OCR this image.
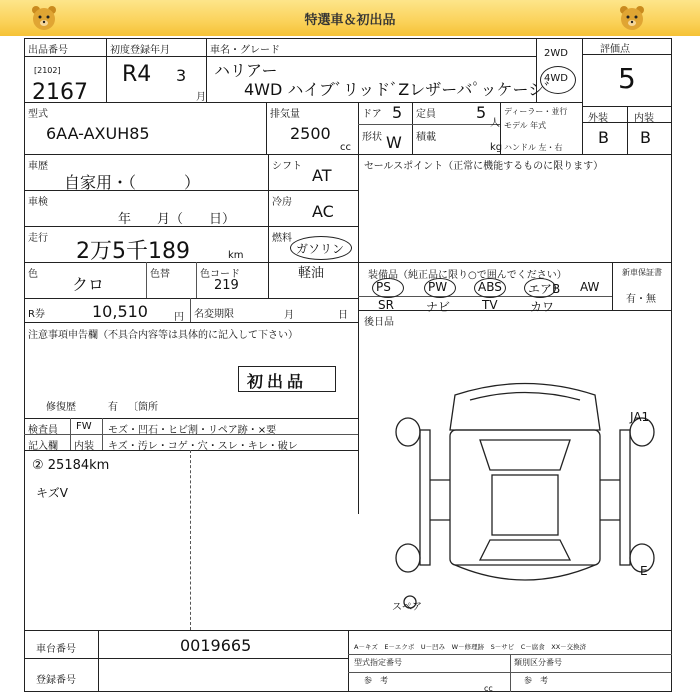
特選車＆初出品
出品番号
[2102]
2167
初度登録年月
R4 3
月
車名・グレード
ハリアー
4WD ハイブﾞリッドﾞZレザーバﾟッケーシﾞ
2WD
4WD
評価点
5
外装	内装
B B
型式
6AA-AXUH85
排気量
2500
cc
ドア 5 定員	5
人
形状 W 積載
kg
ディーラー・並行
モデル 年式
ハンドル 左・右
車歴
自家用・（　　　）
シフト AT
車検
年　　月（　　日）
冷房 AC
走行
2万5千189	km
燃料
ガソリン
軽油
色
クロ
色替	色コード
219
R券	10,510	円 名変期限	月	日
注意事項申告欄（不具合内容等は具体的に記入して下さい）
初出品
修復歴	有 〔箇所
検査員
記入欄
FW モズ・凹石・ヒビ割・リペア跡・×要
内装 キズ・汚レ・コゲ・穴・スレ・キレ・破レ
② 25184km
キズV
セールスポイント（正常に機能するものに限ります）
装備品（純正品に限り○で囲んでください）	新車保証書
有・無
PS	PW	ABS エアB AW
SR	ナビ	TV	カワ
後日品
スペア
JA1
E
車台番号	0019665
登録番号
A－キズ　E－エクボ　U－凹み　W－修理跡　S－サビ　C－腐食　XX－交換済
型式指定番号	類別区分番号
参　考	参　考
cc
